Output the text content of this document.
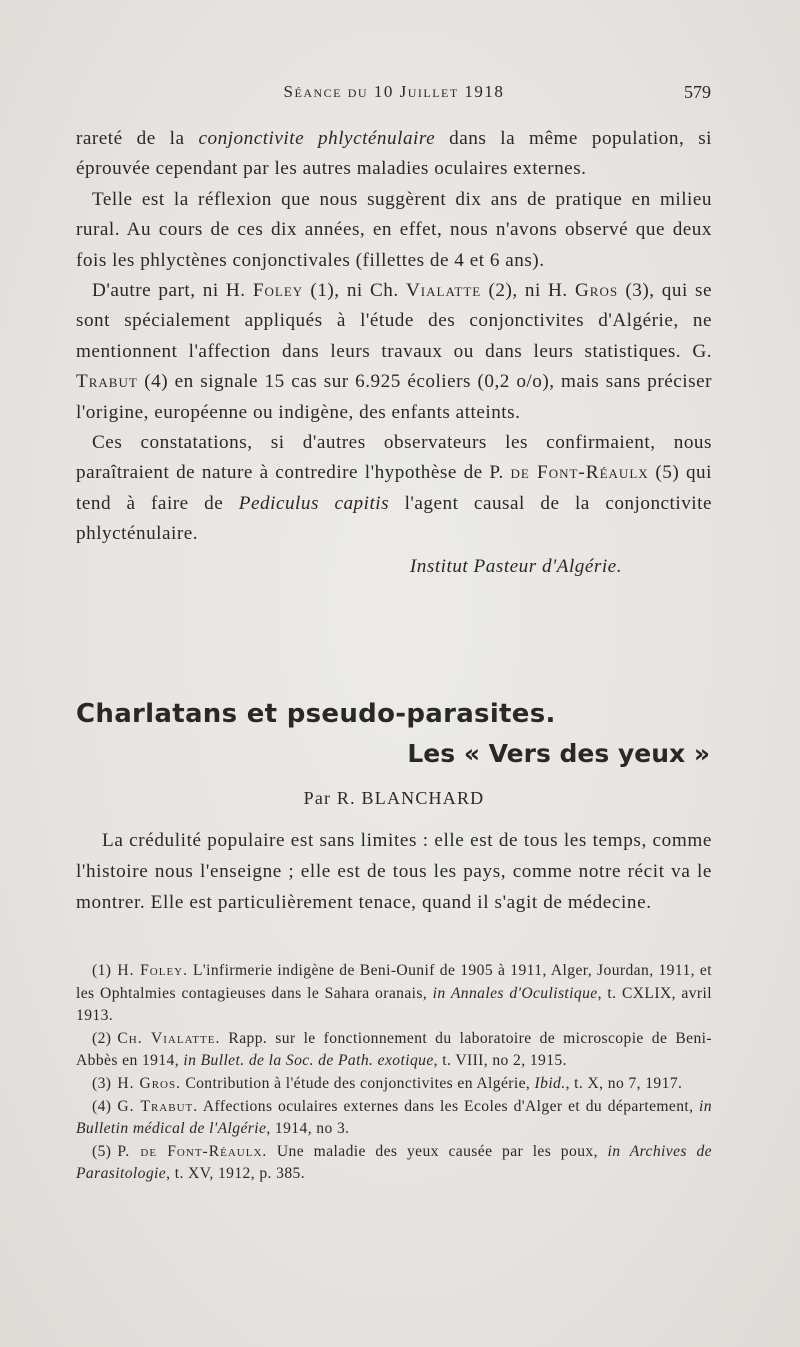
Séance du 10 Juillet 1918	579

rareté de la conjonctivite phlycténulaire dans la même population, si éprouvée cependant par les autres maladies oculaires externes.

Telle est la réflexion que nous suggèrent dix ans de pratique en milieu rural. Au cours de ces dix années, en effet, nous n'avons observé que deux fois les phlyctènes conjonctivales (fillettes de 4 et 6 ans).

D'autre part, ni H. Foley (1), ni Ch. Vialatte (2), ni H. Gros (3), qui se sont spécialement appliqués à l'étude des conjonctivites d'Algérie, ne mentionnent l'affection dans leurs travaux ou dans leurs statistiques. G. Trabut (4) en signale 15 cas sur 6.925 écoliers (0,2 o/o), mais sans préciser l'origine, européenne ou indigène, des enfants atteints.

Ces constatations, si d'autres observateurs les confirmaient, nous paraîtraient de nature à contredire l'hypothèse de P. de Font-Réaulx (5) qui tend à faire de Pediculus capitis l'agent causal de la conjonctivite phlycténulaire.

Institut Pasteur d'Algérie.
Charlatans et pseudo-parasites.
Les « Vers des yeux »
Par R. BLANCHARD

La crédulité populaire est sans limites : elle est de tous les temps, comme l'histoire nous l'enseigne ; elle est de tous les pays, comme notre récit va le montrer. Elle est particulièrement tenace, quand il s'agit de médecine.

(1) H. Foley. L'infirmerie indigène de Beni-Ounif de 1905 à 1911, Alger, Jourdan, 1911, et les Ophtalmies contagieuses dans le Sahara oranais, in Annales d'Oculistique, t. CXLIX, avril 1913.

(2) Ch. Vialatte. Rapp. sur le fonctionnement du laboratoire de microscopie de Beni-Abbès en 1914, in Bullet. de la Soc. de Path. exotique, t. VIII, no 2, 1915.

(3) H. Gros. Contribution à l'étude des conjonctivites en Algérie, Ibid., t. X, no 7, 1917.

(4) G. Trabut. Affections oculaires externes dans les Ecoles d'Alger et du département, in Bulletin médical de l'Algérie, 1914, no 3.

(5) P. de Font-Réaulx. Une maladie des yeux causée par les poux, in Archives de Parasitologie, t. XV, 1912, p. 385.
